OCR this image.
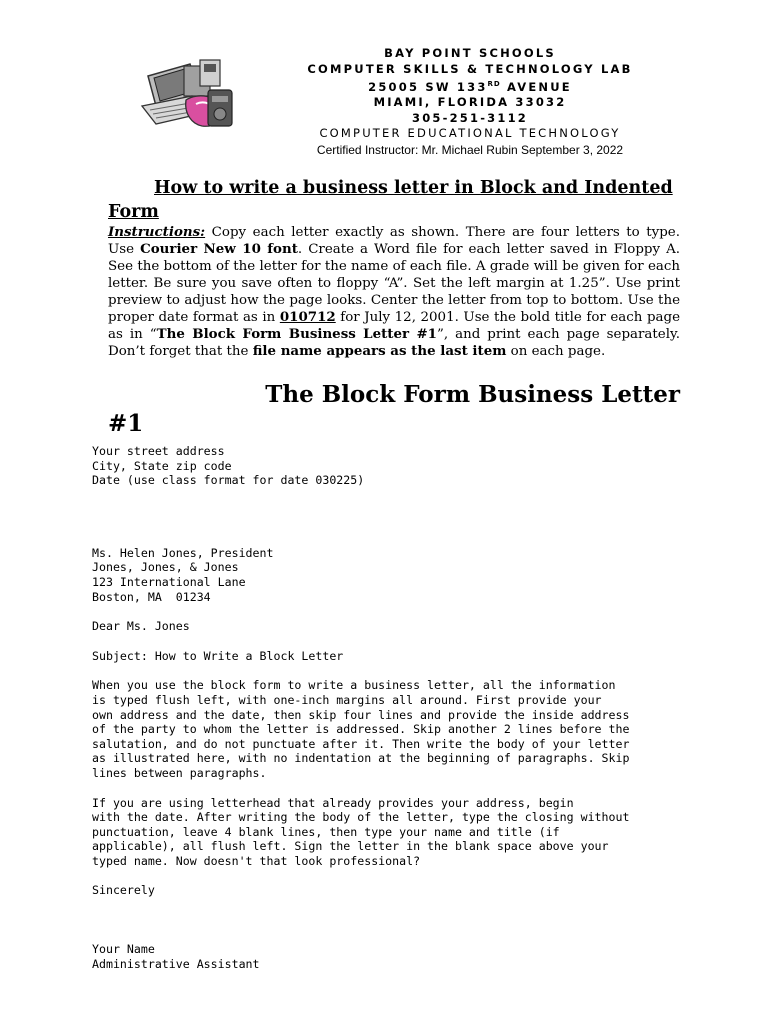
BAY POINT SCHOOLS
COMPUTER SKILLS & TECHNOLOGY LAB
25005 SW 133RD AVENUE
MIAMI, FLORIDA 33032
305-251-3112
COMPUTER EDUCATIONAL TECHNOLOGY
Certified Instructor: Mr. Michael Rubin September 3, 2022
How to write a business letter in Block and Indented Form
Instructions: Copy each letter exactly as shown. There are four letters to type. Use Courier New 10 font. Create a Word file for each letter saved in Floppy A. See the bottom of the letter for the name of each file. A grade will be given for each letter. Be sure you save often to floppy “A”. Set the left margin at 1.25”. Use print preview to adjust how the page looks. Center the letter from top to bottom. Use the proper date format as in 010712 for July 12, 2001. Use the bold title for each page as in “The Block Form Business Letter #1”, and print each page separately. Don’t forget that the file name appears as the last item on each page.
The Block Form Business Letter
#1
Your street address
City, State zip code
Date (use class format for date 030225)
Ms. Helen Jones, President
Jones, Jones, & Jones
123 International Lane
Boston, MA  01234
Dear Ms. Jones
Subject: How to Write a Block Letter
When you use the block form to write a business letter, all the information
is typed flush left, with one-inch margins all around. First provide your
own address and the date, then skip four lines and provide the inside address
of the party to whom the letter is addressed. Skip another 2 lines before the
salutation, and do not punctuate after it. Then write the body of your letter
as illustrated here, with no indentation at the beginning of paragraphs. Skip
lines between paragraphs.
If you are using letterhead that already provides your address, begin
with the date. After writing the body of the letter, type the closing without
punctuation, leave 4 blank lines, then type your name and title (if
applicable), all flush left. Sign the letter in the blank space above your
typed name. Now doesn't that look professional?
Sincerely
Your Name
Administrative Assistant
